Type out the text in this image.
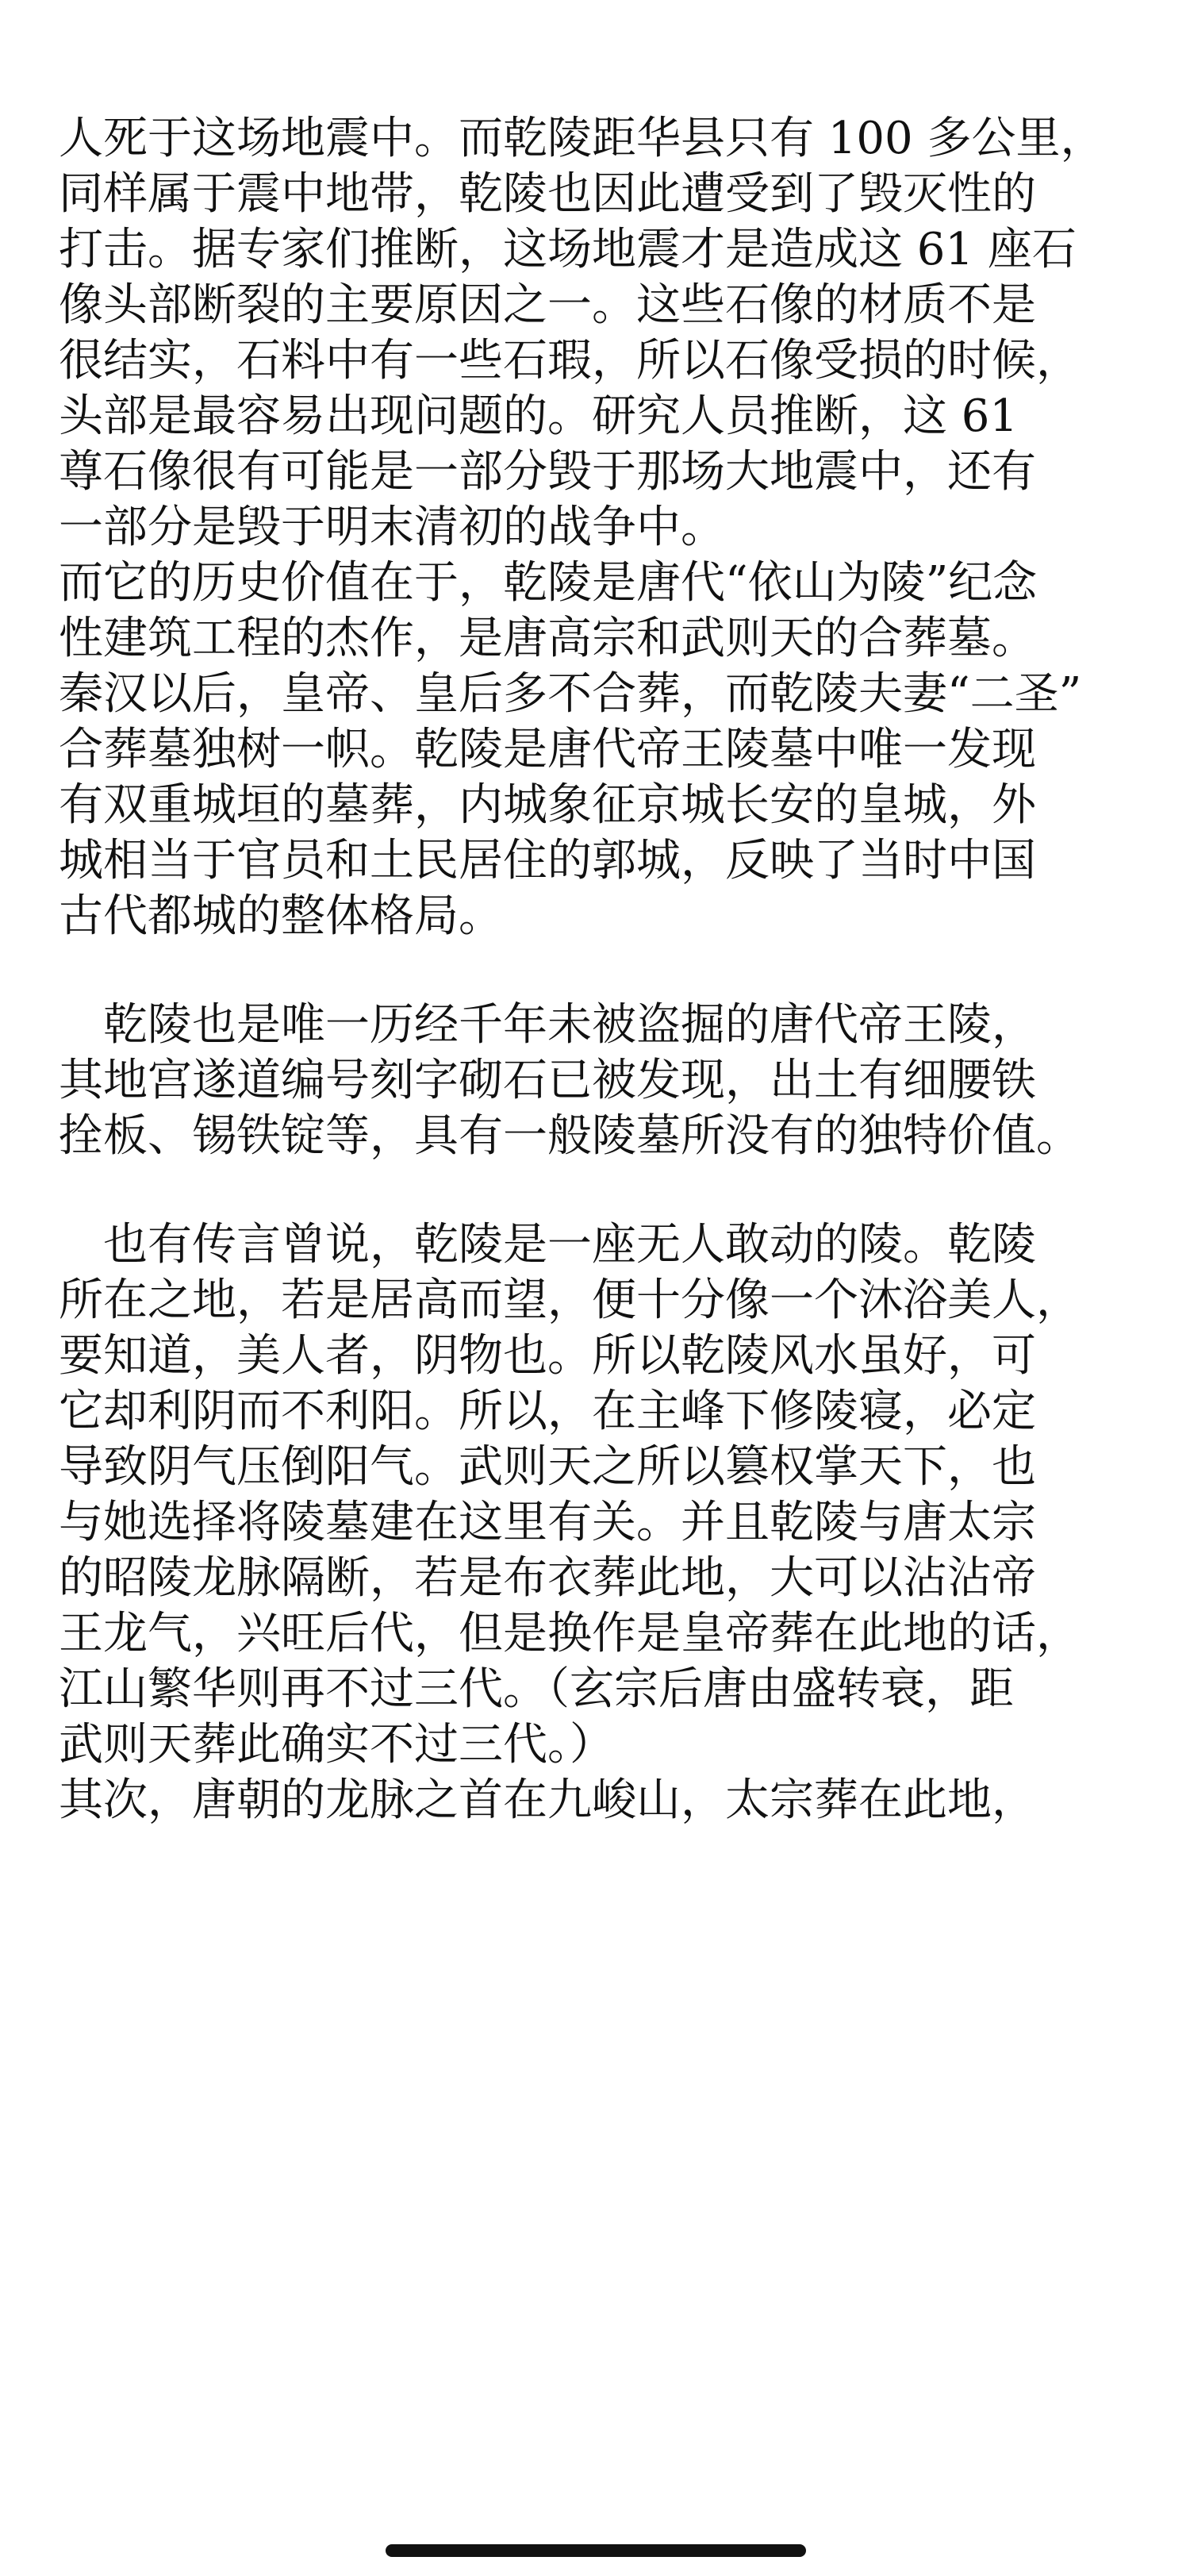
人死于这场地震中。而乾陵距华县只有 100 多公里，

同样属于震中地带，乾陵也因此遭受到了毁灭性的

打击。据专家们推断，这场地震才是造成这 61 座石

像头部断裂的主要原因之一。这些石像的材质不是

很结实，石料中有一些石瑕，所以石像受损的时候，

头部是最容易出现问题的。研究人员推断，这 61

尊石像很有可能是一部分毁于那场大地震中，还有

一部分是毁于明末清初的战争中。

而它的历史价值在于，乾陵是唐代“依山为陵”纪念

性建筑工程的杰作，是唐高宗和武则天的合葬墓。

秦汉以后，皇帝、皇后多不合葬，而乾陵夫妻“二圣”

合葬墓独树一帜。乾陵是唐代帝王陵墓中唯一发现

有双重城垣的墓葬，内城象征京城长安的皇城，外

城相当于官员和土民居住的郭城，反映了当时中国

古代都城的整体格局。

乾陵也是唯一历经千年未被盗掘的唐代帝王陵，

其地宫遂道编号刻字砌石已被发现，出土有细腰铁

拴板、锡铁锭等，具有一般陵墓所没有的独特价值。

也有传言曾说，乾陵是一座无人敢动的陵。乾陵

所在之地，若是居高而望，便十分像一个沐浴美人，

要知道，美人者，阴物也。所以乾陵风水虽好，可

它却利阴而不利阳。所以，在主峰下修陵寝，必定

导致阴气压倒阳气。武则天之所以篡权掌天下，也

与她选择将陵墓建在这里有关。并且乾陵与唐太宗

的昭陵龙脉隔断，若是布衣葬此地，大可以沾沾帝

王龙气，兴旺后代，但是换作是皇帝葬在此地的话，

江山繁华则再不过三代。（玄宗后唐由盛转衰，距

武则天葬此确实不过三代。）

其次，唐朝的龙脉之首在九峻山，太宗葬在此地，
